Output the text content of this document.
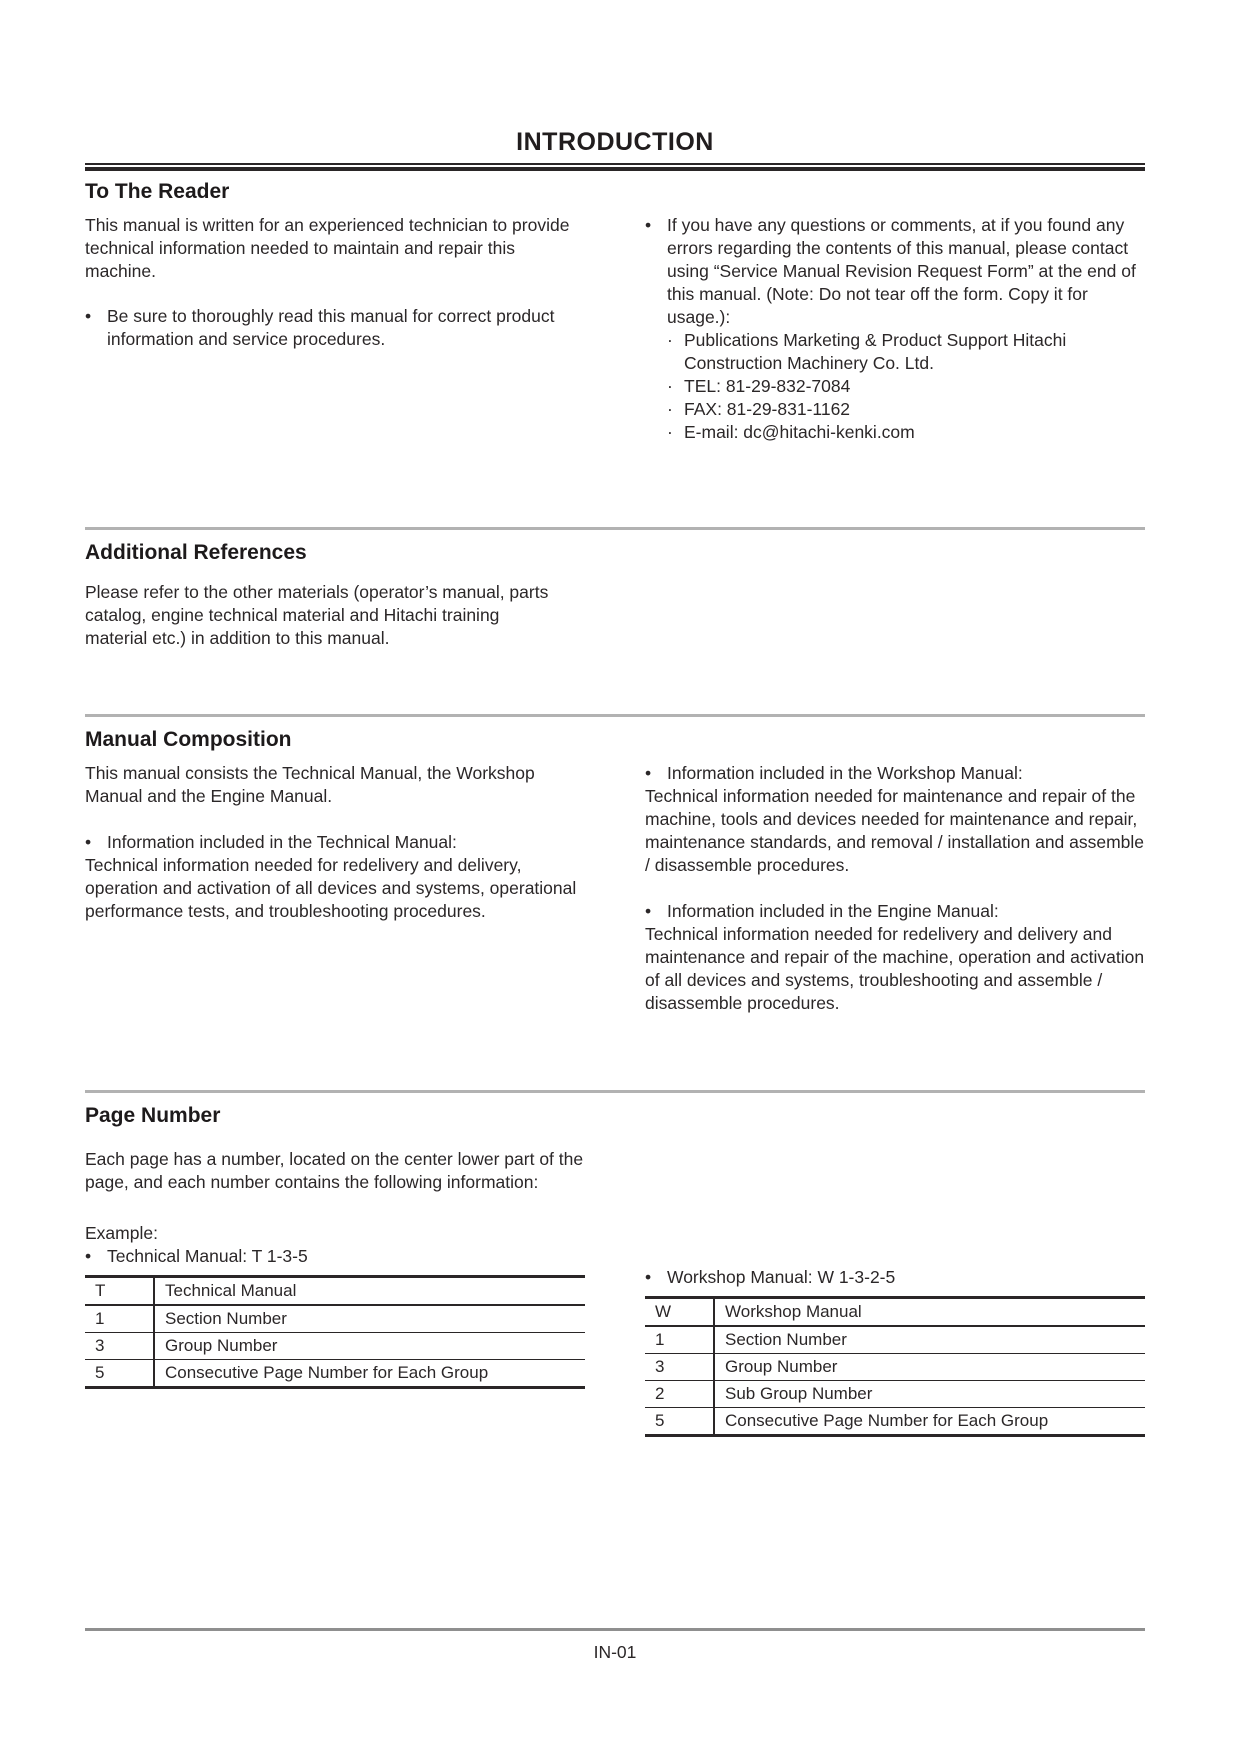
INTRODUCTION
To The Reader

This manual is written for an experienced technician to provide technical information needed to maintain and repair this machine.

• Be sure to thoroughly read this manual for correct product information and service procedures.
• If you have any questions or comments, at if you found any errors regarding the contents of this manual, please contact using “Service Manual Revision Request Form” at the end of this manual. (Note: Do not tear off the form. Copy it for usage.):
· Publications Marketing & Product Support Hitachi Construction Machinery Co. Ltd.
· TEL: 81-29-832-7084
· FAX: 81-29-831-1162
· E-mail: dc@hitachi-kenki.com
Additional References

Please refer to the other materials (operator’s manual, parts catalog, engine technical material and Hitachi training material etc.) in addition to this manual.

Manual Composition

This manual consists the Technical Manual, the Workshop Manual and the Engine Manual.

• Information included in the Technical Manual:

Technical information needed for redelivery and delivery, operation and activation of all devices and systems, operational performance tests, and troubleshooting procedures.

• Information included in the Workshop Manual:

Technical information needed for maintenance and repair of the machine, tools and devices needed for maintenance and repair, maintenance standards, and removal / installation and assemble / disassemble procedures.

• Information included in the Engine Manual:

Technical information needed for redelivery and delivery and maintenance and repair of the machine, operation and activation of all devices and systems, troubleshooting and assemble / disassemble procedures.

Page Number

Each page has a number, located on the center lower part of the page, and each number contains the following information:

Example:

• Technical Manual: T 1-3-5
T	Technical Manual
1	Section Number
3	Group Number
5	Consecutive Page Number for Each Group
• Workshop Manual: W 1-3-2-5
W	Workshop Manual
1	Section Number
3	Group Number
2	Sub Group Number
5	Consecutive Page Number for Each Group
IN-01
